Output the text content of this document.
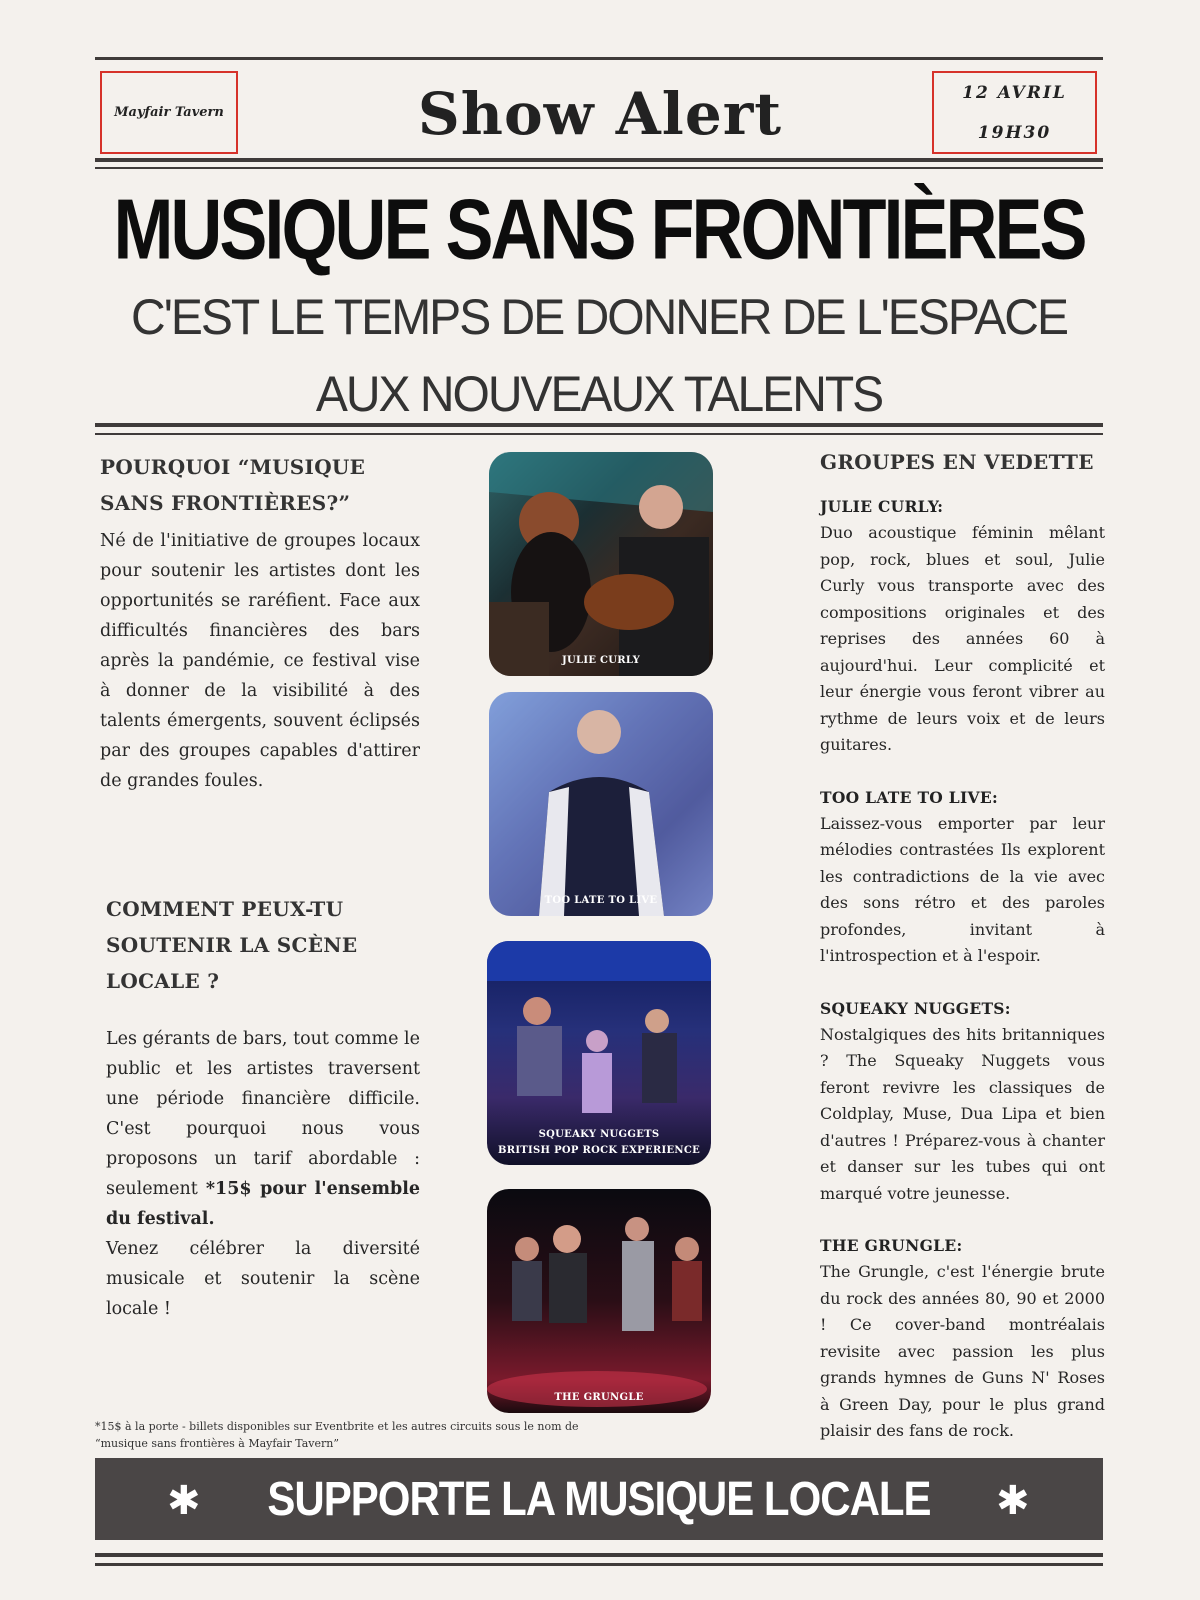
Mayfair Tavern	Show Alert	12 AVRIL
19H30
MUSIQUE SANS FRONTIÈRES
C'EST LE TEMPS DE DONNER DE L'ESPACE
AUX NOUVEAUX TALENTS
POURQUOI “MUSIQUE
SANS FRONTIÈRES?”
Né de l'initiative de groupes locaux pour soutenir les artistes dont les opportunités se raréfient. Face aux difficultés financières des bars après la pandémie, ce festival vise à donner de la visibilité à des talents émergents, souvent éclipsés par des groupes capables d'attirer de grandes foules.
COMMENT PEUX-TU
SOUTENIR LA SCÈNE
LOCALE ?
Les gérants de bars, tout comme le public et les artistes traversent une période financière difficile. C'est pourquoi nous vous proposons un tarif abordable : seulement *15$ pour l'ensemble du festival.
Venez célébrer la diversité musicale et soutenir la scène locale !
JULIE CURLY
TOO LATE TO LIVE
SQUEAKY NUGGETS
BRITISH POP ROCK EXPERIENCE
THE GRUNGLE
GROUPES EN VEDETTE
JULIE CURLY:
Duo acoustique féminin mêlant pop, rock, blues et soul, Julie Curly vous transporte avec des compositions originales et des reprises des années 60 à aujourd'hui. Leur complicité et leur énergie vous feront vibrer au rythme de leurs voix et de leurs guitares.
TOO LATE TO LIVE:
Laissez-vous emporter par leur mélodies contrastées Ils explorent les contradictions de la vie avec des sons rétro et des paroles profondes, invitant à l'introspection et à l'espoir.
SQUEAKY NUGGETS:
Nostalgiques des hits britanniques ? The Squeaky Nuggets vous feront revivre les classiques de Coldplay, Muse, Dua Lipa et bien d'autres ! Préparez-vous à chanter et danser sur les tubes qui ont marqué votre jeunesse.
THE GRUNGLE:
The Grungle, c'est l'énergie brute du rock des années 80, 90 et 2000 ! Ce cover-band montréalais revisite avec passion les plus grands hymnes de Guns N' Roses à Green Day, pour le plus grand plaisir des fans de rock.
*15$ à la porte - billets disponibles sur Eventbrite et les autres circuits sous le nom de
“musique sans frontières à Mayfair Tavern”
SUPPORTE LA MUSIQUE LOCALE
✱	✱
